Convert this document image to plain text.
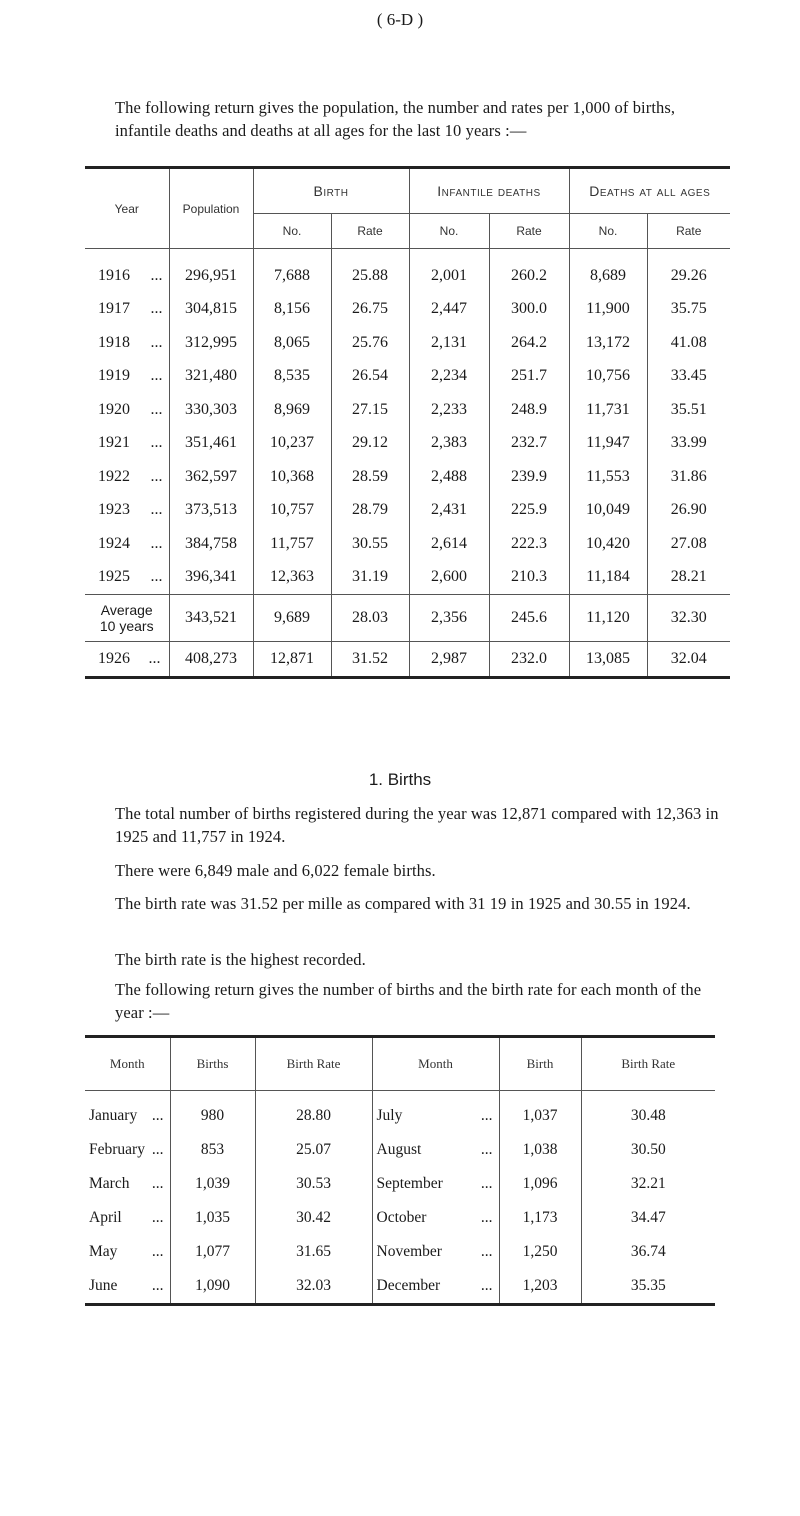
( 6-D )

The following return gives the population, the number and rates per 1,000 of births, infantile deaths and deaths at all ages for the last 10 years :—

Year	Population	Birth		Infantile deaths		Deaths at all ages	
		No.	Rate	No.	Rate	No.	Rate
1916 ...	296,951	7,688	25.88	2,001	260.2	8,689	29.26
1917 ...	304,815	8,156	26.75	2,447	300.0	11,900	35.75
1918 ...	312,995	8,065	25.76	2,131	264.2	13,172	41.08
1919 ...	321,480	8,535	26.54	2,234	251.7	10,756	33.45
1920 ...	330,303	8,969	27.15	2,233	248.9	11,731	35.51
1921 ...	351,461	10,237	29.12	2,383	232.7	11,947	33.99
1922 ...	362,597	10,368	28.59	2,488	239.9	11,553	31.86
1923 ...	373,513	10,757	28.79	2,431	225.9	10,049	26.90
1924 ...	384,758	11,757	30.55	2,614	222.3	10,420	27.08
1925 ...	396,341	12,363	31.19	2,600	210.3	11,184	28.21
Average
10 years	343,521	9,689	28.03	2,356	245.6	11,120	32.30
1926 ...	408,273	12,871	31.52	2,987	232.0	13,085	32.04
1. Births

The total number of births registered during the year was 12,871 compared with 12,363 in 1925 and 11,757 in 1924.

There were 6,849 male and 6,022 female births.

The birth rate was 31.52 per mille as compared with 31 19 in 1925 and 30.55 in 1924.

The birth rate is the highest recorded.

The following return gives the number of births and the birth rate for each month of the year :—

Month	Births	Birth Rate	Month	Birth	Birth Rate
January ...	980	28.80	July ...	1,037	30.48
February ...	853	25.07	August ...	1,038	30.50
March ...	1,039	30.53	September ...	1,096	32.21
April ...	1,035	30.42	October ...	1,173	34.47
May ...	1,077	31.65	November ...	1,250	36.74
June ...	1,090	32.03	December ...	1,203	35.35
